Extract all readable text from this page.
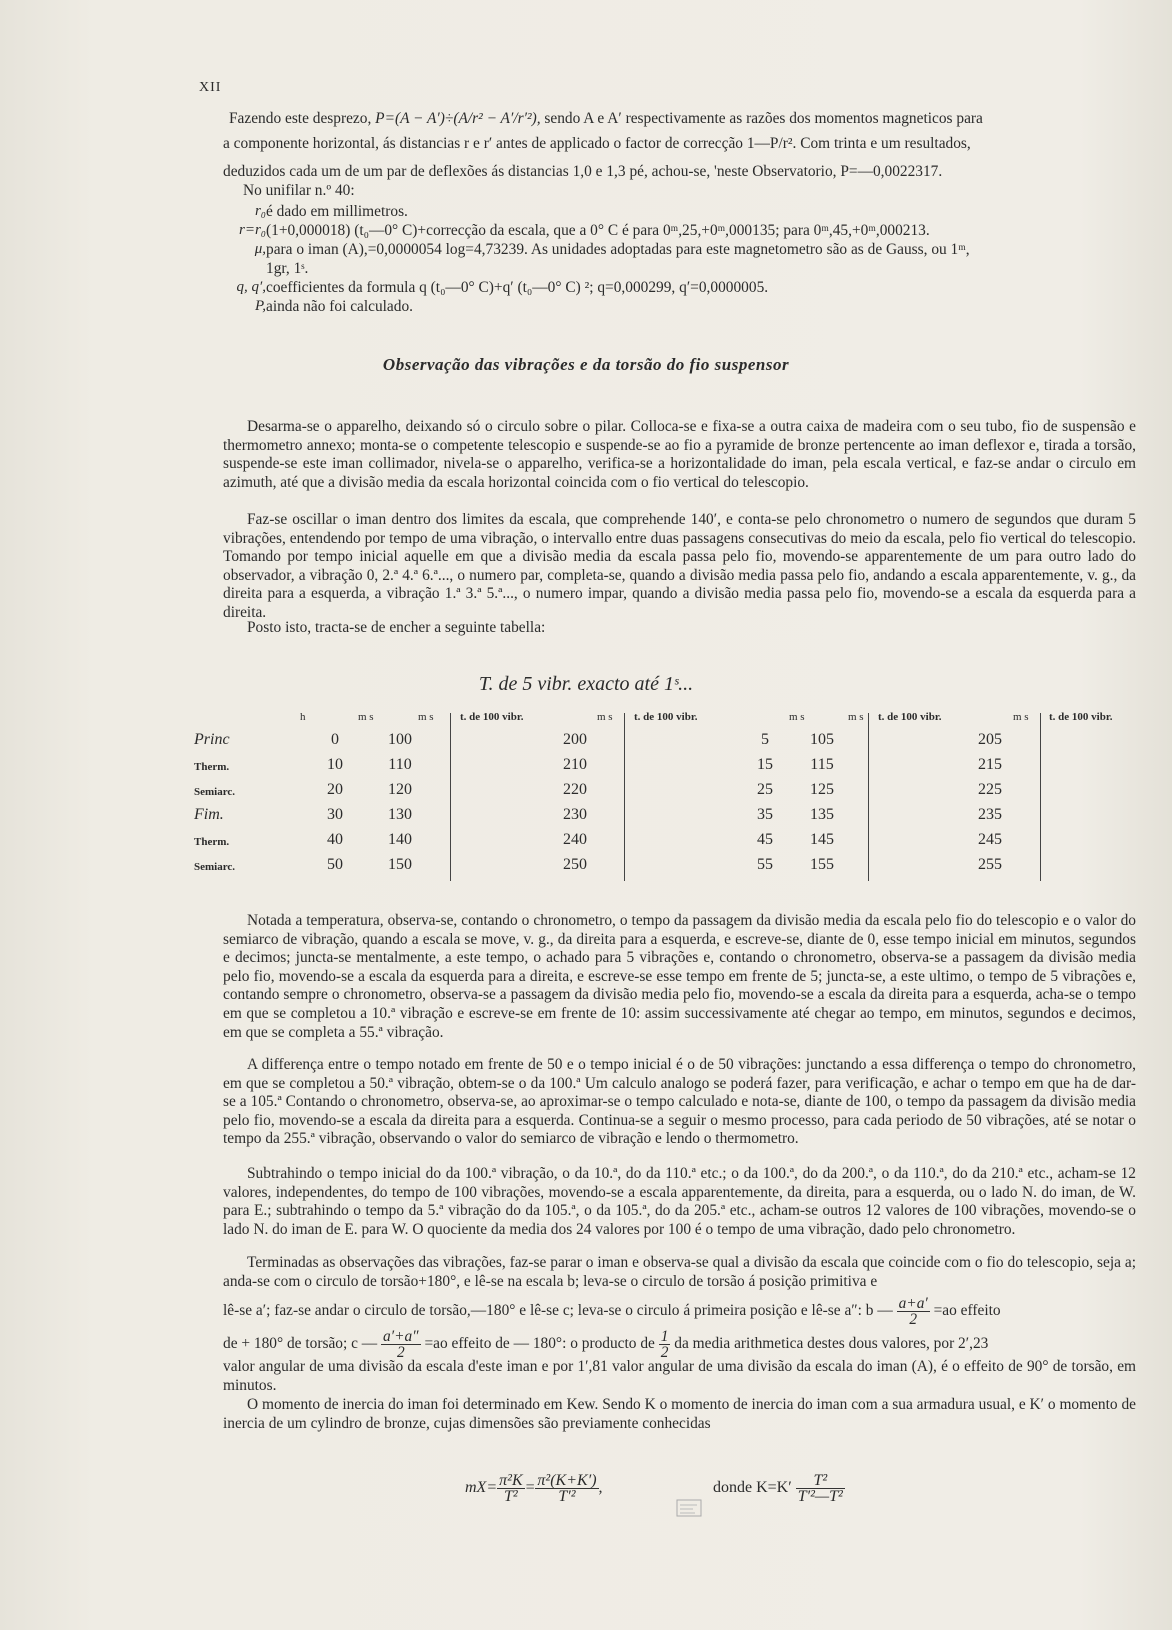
XII
Fazendo este desprezo, P=(A − A′)÷(A/r² − A′/r′²), sendo A e A′ respectivamente as razões dos momentos magneticos para
a componente horizontal, ás distancias r e r′ antes de applicado o factor de correcção 1—P/r². Com trinta e um resultados,
deduzidos cada um de um par de deflexões ás distancias 1,0 e 1,3 pé, achou-se, 'neste Observatorio, P=—0,0022317.
No unifilar n.º 40:
r₀ é dado em millimetros.
r=r₀ (1+0,000018) (t₀—0° C)+correcção da escala, que a 0° C é para 0ᵐ,25,+0ᵐ,000135; para 0ᵐ,45,+0ᵐ,000213.
μ, para o iman (A),=0,0000054 log=4,73239. As unidades adoptadas para este magnetometro são as de Gauss, ou 1ᵐ,
1gr, 1ˢ.
q, q′, coefficientes da formula q (t₀—0° C)+q′ (t₀—0° C) ²; q=0,000299, q′=0,0000005.
P, ainda não foi calculado.
Observação das vibrações e da torsão do fio suspensor

Desarma-se o apparelho, deixando só o circulo sobre o pilar. Colloca-se e fixa-se a outra caixa de madeira com o seu tubo, fio de suspensão e thermometro annexo; monta-se o competente telescopio e suspende-se ao fio a pyramide de bronze pertencente ao iman deflexor e, tirada a torsão, suspende-se este iman collimador, nivela-se o apparelho, verifica-se a horizontalidade do iman, pela escala vertical, e faz-se andar o circulo em azimuth, até que a divisão media da escala horizontal coincida com o fio vertical do telescopio.

Faz-se oscillar o iman dentro dos limites da escala, que comprehende 140′, e conta-se pelo chronometro o numero de segundos que duram 5 vibrações, entendendo por tempo de uma vibração, o intervallo entre duas passagens consecutivas do meio da escala, pelo fio vertical do telescopio. Tomando por tempo inicial aquelle em que a divisão media da escala passa pelo fio, movendo-se apparentemente de um para outro lado do observador, a vibração 0, 2.ª 4.ª 6.ª..., o numero par, completa-se, quando a divisão media passa pelo fio, andando a escala apparentemente, v. g., da direita para a esquerda, a vibração 1.ª 3.ª 5.ª..., o numero impar, quando a divisão media passa pelo fio, movendo-se a escala da esquerda para a direita.

Posto isto, tracta-se de encher a seguinte tabella:

T. de 5 vibr. exacto até 1ˢ...
h	m s	m s t. de 100 vibr.	m s t. de 100 vibr.	m s	m s t. de 100 vibr.	m s t. de 100 vibr.
Princ	0	100	200	5	105	205
Therm.	10	110	210	15	115	215
Semiarc.	20	120	220	25	125	225
Fim.	30	130	230	35	135	235
Therm.	40	140	240	45	145	245
Semiarc.	50	150	250	55	155	255

Notada a temperatura, observa-se, contando o chronometro, o tempo da passagem da divisão media da escala pelo fio do telescopio e o valor do semiarco de vibração, quando a escala se move, v. g., da direita para a esquerda, e escreve-se, diante de 0, esse tempo inicial em minutos, segundos e decimos; juncta-se mentalmente, a este tempo, o achado para 5 vibrações e, contando o chronometro, observa-se a passagem da divisão media pelo fio, movendo-se a escala da esquerda para a direita, e escreve-se esse tempo em frente de 5; juncta-se, a este ultimo, o tempo de 5 vibrações e, contando sempre o chronometro, observa-se a passagem da divisão media pelo fio, movendo-se a escala da direita para a esquerda, acha-se o tempo em que se completou a 10.ª vibração e escreve-se em frente de 10: assim successivamente até chegar ao tempo, em minutos, segundos e decimos, em que se completa a 55.ª vibração.

A differença entre o tempo notado em frente de 50 e o tempo inicial é o de 50 vibrações: junctando a essa differença o tempo do chronometro, em que se completou a 50.ª vibração, obtem-se o da 100.ª Um calculo analogo se poderá fazer, para verificação, e achar o tempo em que ha de dar-se a 105.ª Contando o chronometro, observa-se, ao aproximar-se o tempo calculado e nota-se, diante de 100, o tempo da passagem da divisão media pelo fio, movendo-se a escala da direita para a esquerda. Continua-se a seguir o mesmo processo, para cada periodo de 50 vibrações, até se notar o tempo da 255.ª vibração, observando o valor do semiarco de vibração e lendo o thermometro.

Subtrahindo o tempo inicial do da 100.ª vibração, o da 10.ª, do da 110.ª etc.; o da 100.ª, do da 200.ª, o da 110.ª, do da 210.ª etc., acham-se 12 valores, independentes, do tempo de 100 vibrações, movendo-se a escala apparentemente, da direita, para a esquerda, ou o lado N. do iman, de W. para E.; subtrahindo o tempo da 5.ª vibração do da 105.ª, o da 105.ª, do da 205.ª etc., acham-se outros 12 valores de 100 vibrações, movendo-se o lado N. do iman de E. para W. O quociente da media dos 24 valores por 100 é o tempo de uma vibração, dado pelo chronometro.

Terminadas as observações das vibrações, faz-se parar o iman e observa-se qual a divisão da escala que coincide com o fio do telescopio, seja a; anda-se com o circulo de torsão+180°, e lê-se na escala b; leva-se o circulo de torsão á posição primitiva e

lê-se a′; faz-se andar o circulo de torsão,—180° e lê-se c; leva-se o circulo á primeira posição e lê-se a″: b — $\frac{a+a'}{2} =ao$ effeito
de + 180° de torsão; c — $\frac{a'+a''}{2} =ao$ effeito de — 180°: o producto de $\frac{1}{2}$ da media arithmetica destes dous valores, por 2′,23

valor angular de uma divisão da escala d'este iman e por 1′,81 valor angular de uma divisão da escala do iman (A), é o effeito de 90° de torsão, em minutos.

O momento de inercia do iman foi determinado em Kew. Sendo K o momento de inercia do iman com a sua armadura usual, e K′ o momento de inercia de um cylindro de bronze, cujas dimensões são previamente conhecidas

$mX= \frac{\text{π²K}}{\text{T²}} = \frac{\text{π²(K+K′)}}{\text{T′²}}$ ,	donde $K=K' \frac{\text{T²}}{\text{T′²—T²}}$
